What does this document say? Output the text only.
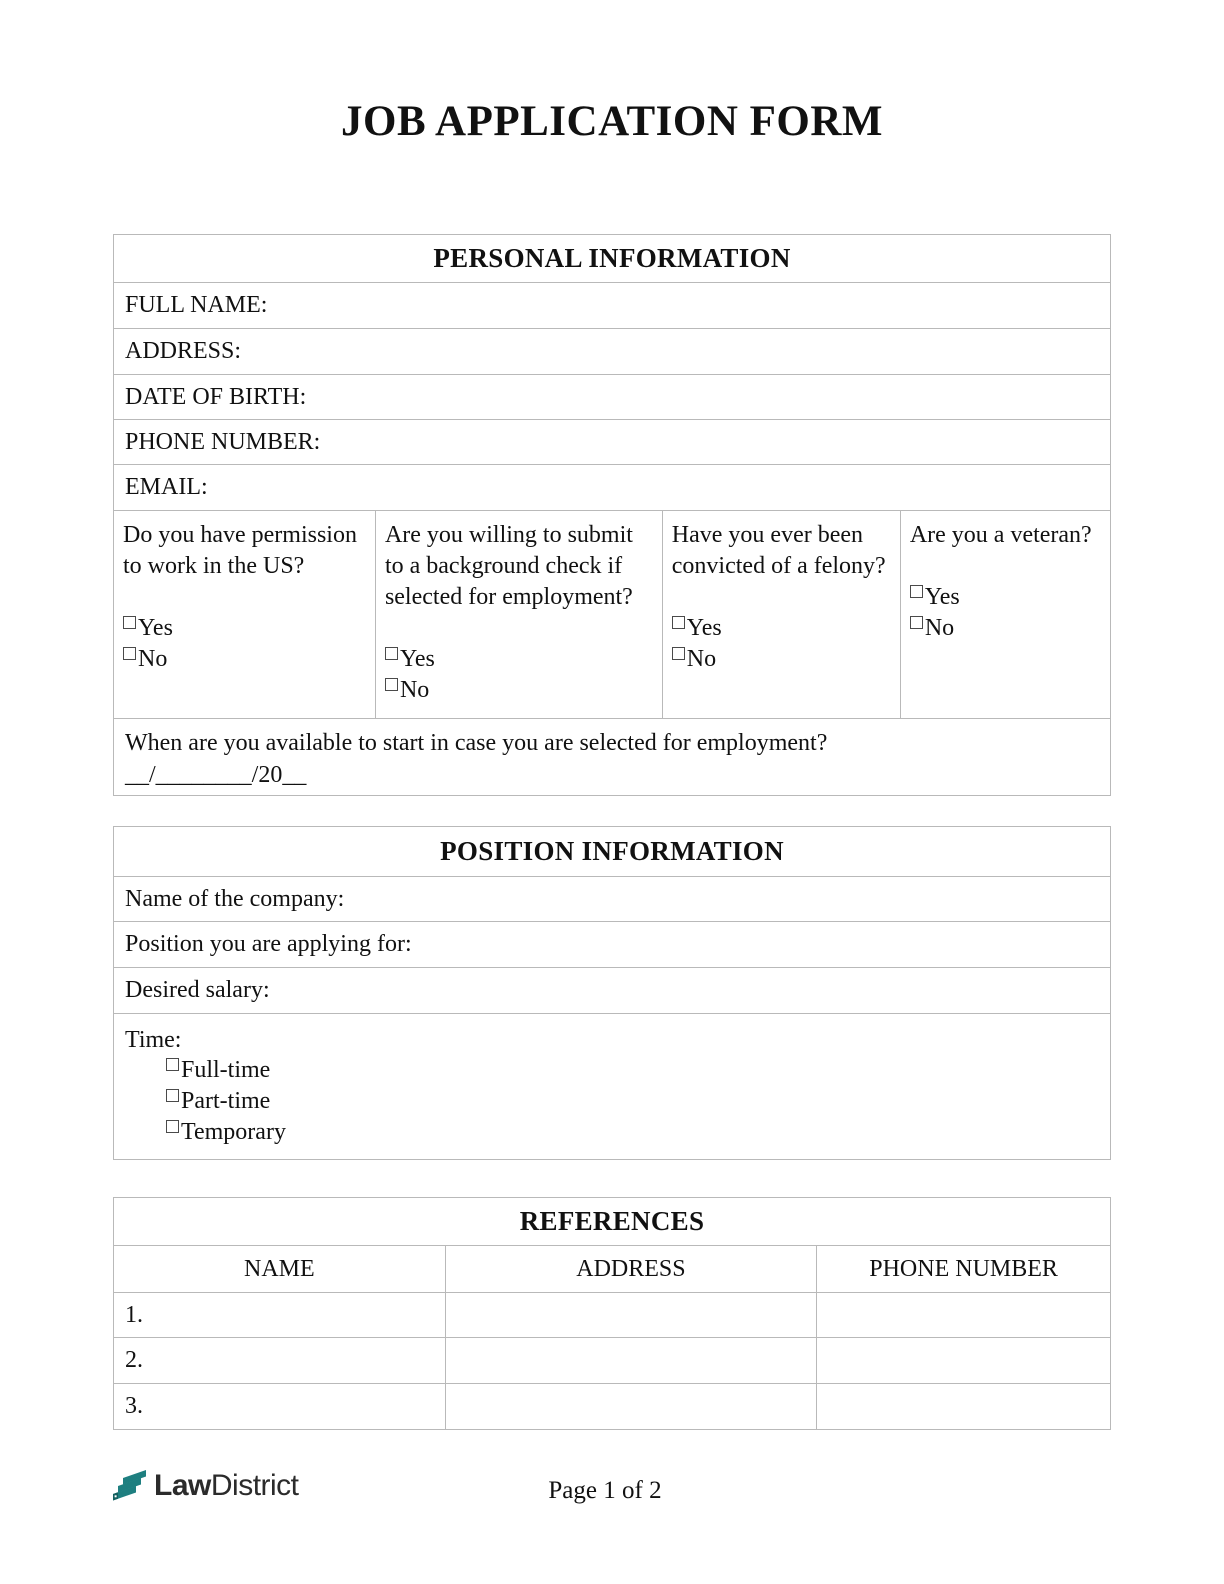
JOB APPLICATION FORM
PERSONAL INFORMATION
FULL NAME:
ADDRESS:
DATE OF BIRTH:
PHONE NUMBER:
EMAIL:
Do you have permission to work in the US?
Yes
No
Are you willing to submit to a background check if selected for employment?
Yes
No
Have you ever been convicted of a felony?
Yes
No
Are you a veteran?
Yes
No
When are you available to start in case you are selected for employment?
__/________/20__
POSITION INFORMATION
Name of the company:
Position you are applying for:
Desired salary:
Time:
Full-time
Part-time
Temporary
REFERENCES
NAME	ADDRESS	PHONE NUMBER
1.
2.
3.
LawDistrict	Page 1 of 2
